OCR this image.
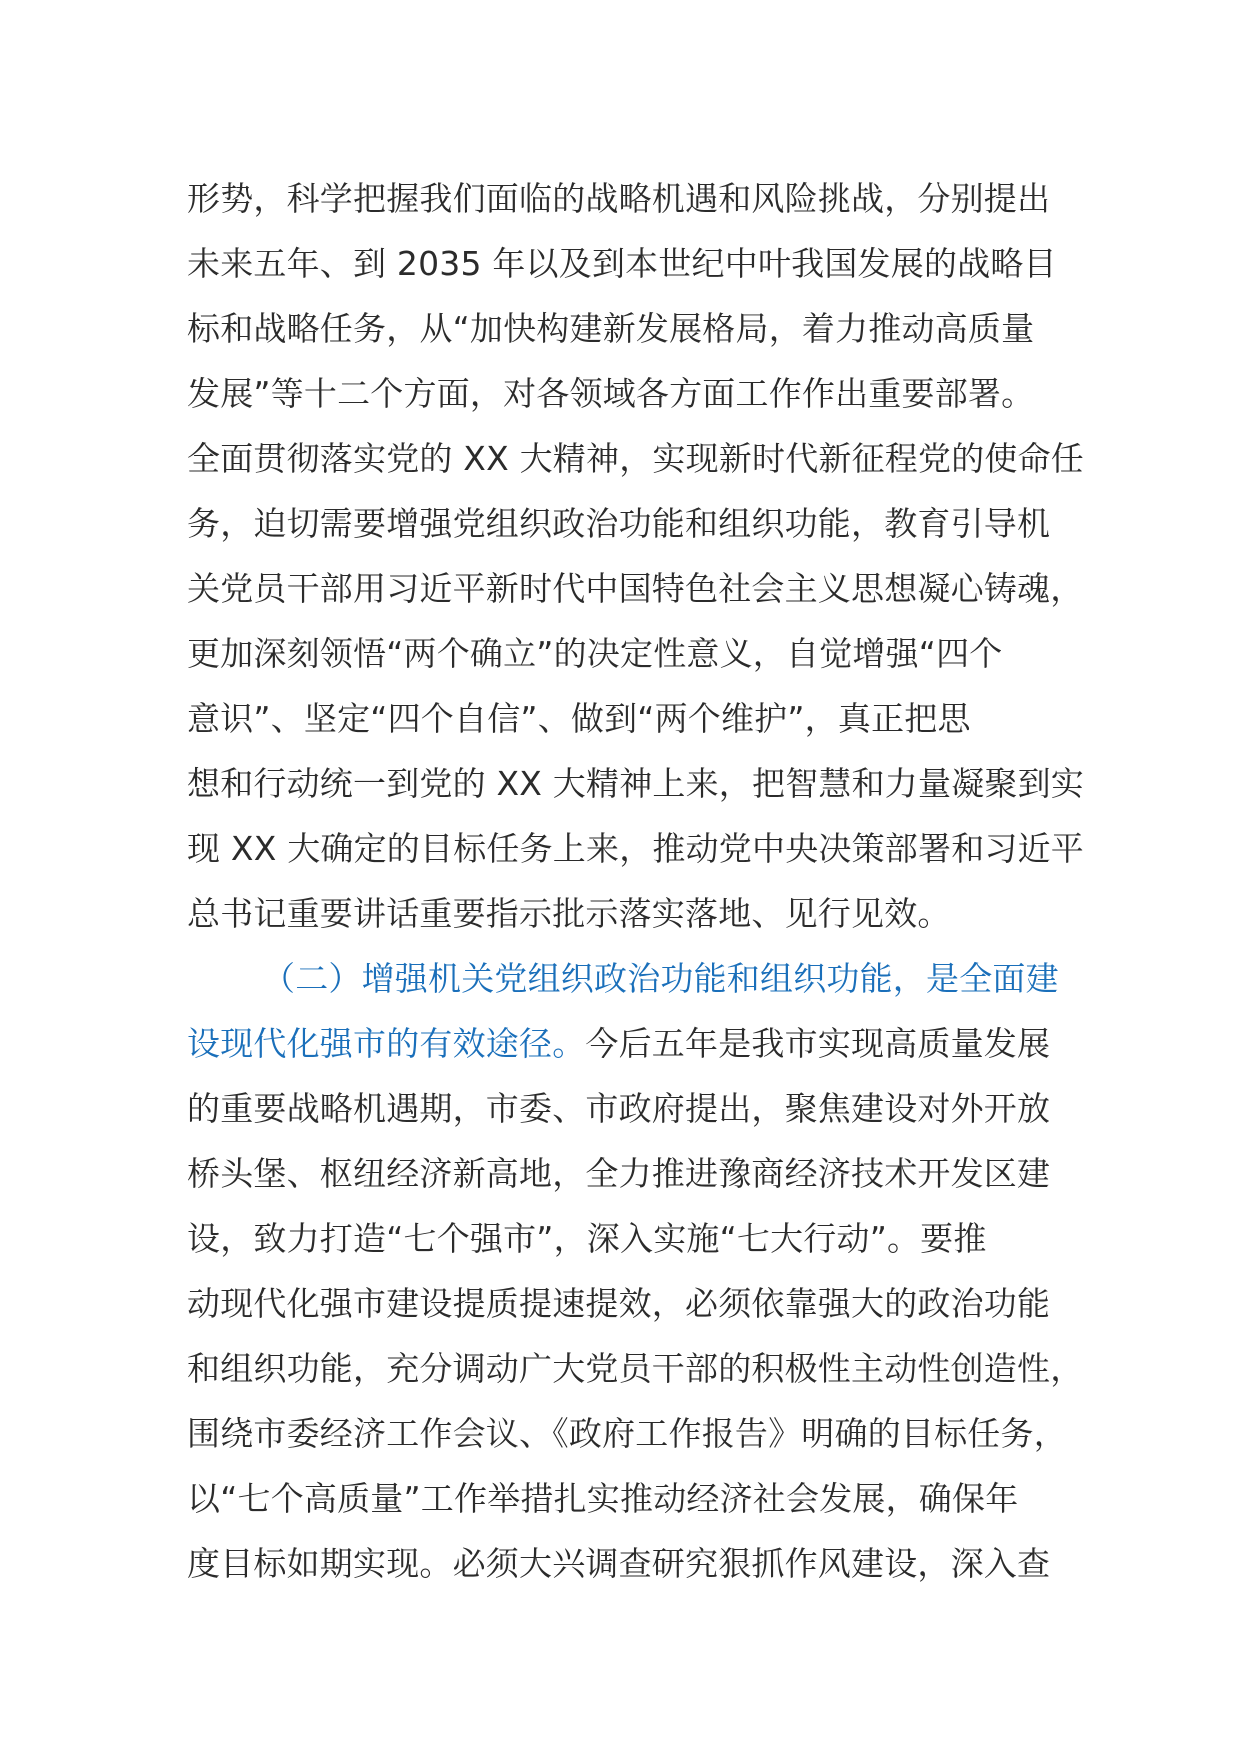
形势，科学把握我们面临的战略机遇和风险挑战，分别提出
未来五年、到 2035 年以及到本世纪中叶我国发展的战略目
标和战略任务，从“加快构建新发展格局，着力推动高质量
发展”等十二个方面，对各领域各方面工作作出重要部署。
全面贯彻落实党的 XX 大精神，实现新时代新征程党的使命任
务，迫切需要增强党组织政治功能和组织功能，教育引导机
关党员干部用习近平新时代中国特色社会主义思想凝心铸魂，
更加深刻领悟“两个确立”的决定性意义，自觉增强“四个
意识”、坚定“四个自信”、做到“两个维护”，真正把思
想和行动统一到党的 XX 大精神上来，把智慧和力量凝聚到实
现 XX 大确定的目标任务上来，推动党中央决策部署和习近平
总书记重要讲话重要指示批示落实落地、见行见效。
（二）增强机关党组织政治功能和组织功能，是全面建
设现代化强市的有效途径。今后五年是我市实现高质量发展
的重要战略机遇期，市委、市政府提出，聚焦建设对外开放
桥头堡、枢纽经济新高地，全力推进豫商经济技术开发区建
设，致力打造“七个强市”，深入实施“七大行动”。要推
动现代化强市建设提质提速提效，必须依靠强大的政治功能
和组织功能，充分调动广大党员干部的积极性主动性创造性，
围绕市委经济工作会议、《政府工作报告》明确的目标任务，
以“七个高质量”工作举措扎实推动经济社会发展，确保年
度目标如期实现。必须大兴调查研究狠抓作风建设，深入查
